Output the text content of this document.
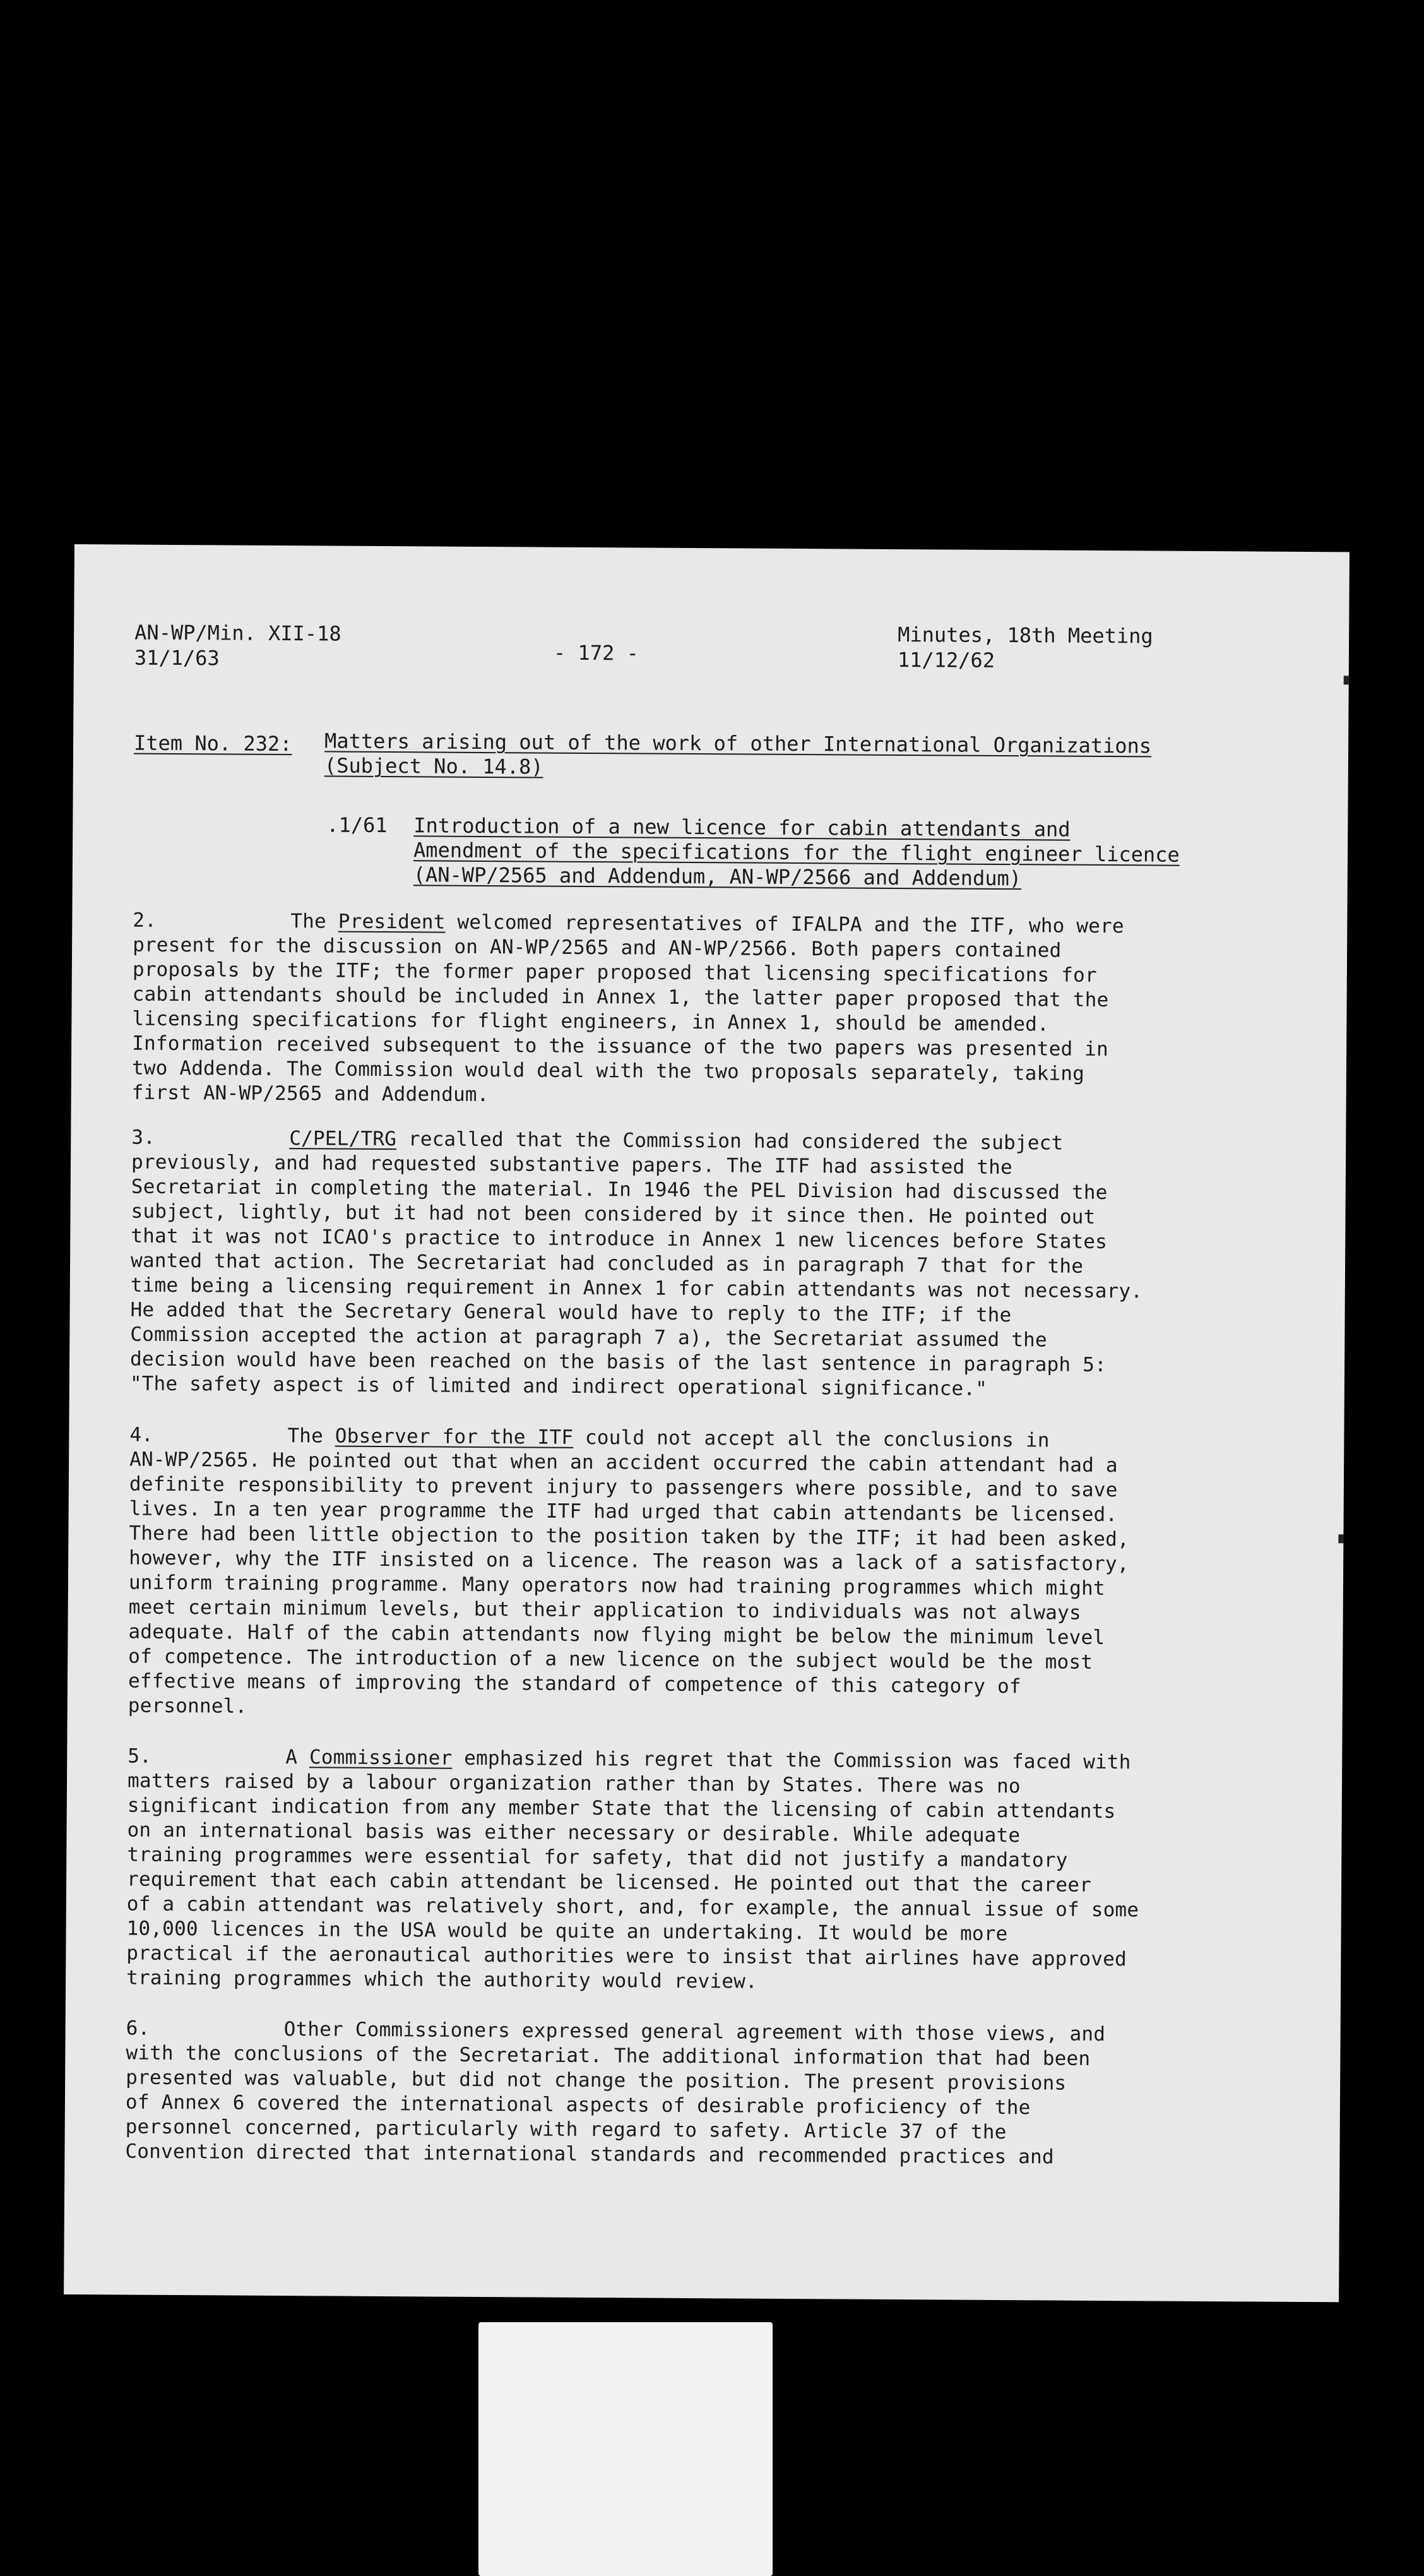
AN-WP/Min. XII-18
31/1/63	- 172 -
Minutes, 18th Meeting
11/12/62
Item No. 232: Matters arising out of the work of other International Organizations
(Subject No. 14.8)
.1/61 Introduction of a new licence for cabin attendants and
Amendment of the specifications for the flight engineer licence
(AN-WP/2565 and Addendum, AN-WP/2566 and Addendum)
2.	The President welcomed representatives of IFALPA and the ITF, who were
present for the discussion on AN-WP/2565 and AN-WP/2566. Both papers contained
proposals by the ITF; the former paper proposed that licensing specifications for
cabin attendants should be included in Annex 1, the latter paper proposed that the
licensing specifications for flight engineers, in Annex 1, should be amended.
Information received subsequent to the issuance of the two papers was presented in
two Addenda. The Commission would deal with the two proposals separately, taking
first AN-WP/2565 and Addendum.
3.	C/PEL/TRG recalled that the Commission had considered the subject
previously, and had requested substantive papers. The ITF had assisted the
Secretariat in completing the material. In 1946 the PEL Division had discussed the
subject, lightly, but it had not been considered by it since then. He pointed out
that it was not ICAO's practice to introduce in Annex 1 new licences before States
wanted that action. The Secretariat had concluded as in paragraph 7 that for the
time being a licensing requirement in Annex 1 for cabin attendants was not necessary.
He added that the Secretary General would have to reply to the ITF; if the
Commission accepted the action at paragraph 7 a), the Secretariat assumed the
decision would have been reached on the basis of the last sentence in paragraph 5:
"The safety aspect is of limited and indirect operational significance."
4.	The Observer for the ITF could not accept all the conclusions in
AN-WP/2565. He pointed out that when an accident occurred the cabin attendant had a
definite responsibility to prevent injury to passengers where possible, and to save
lives. In a ten year programme the ITF had urged that cabin attendants be licensed.
There had been little objection to the position taken by the ITF; it had been asked,
however, why the ITF insisted on a licence. The reason was a lack of a satisfactory,
uniform training programme. Many operators now had training programmes which might
meet certain minimum levels, but their application to individuals was not always
adequate. Half of the cabin attendants now flying might be below the minimum level
of competence. The introduction of a new licence on the subject would be the most
effective means of improving the standard of competence of this category of
personnel.
5.	A Commissioner emphasized his regret that the Commission was faced with
matters raised by a labour organization rather than by States. There was no
significant indication from any member State that the licensing of cabin attendants
on an international basis was either necessary or desirable. While adequate
training programmes were essential for safety, that did not justify a mandatory
requirement that each cabin attendant be licensed. He pointed out that the career
of a cabin attendant was relatively short, and, for example, the annual issue of some
10,000 licences in the USA would be quite an undertaking. It would be more
practical if the aeronautical authorities were to insist that airlines have approved
training programmes which the authority would review.
6.	Other Commissioners expressed general agreement with those views, and
with the conclusions of the Secretariat. The additional information that had been
presented was valuable, but did not change the position. The present provisions
of Annex 6 covered the international aspects of desirable proficiency of the
personnel concerned, particularly with regard to safety. Article 37 of the
Convention directed that international standards and recommended practices and
